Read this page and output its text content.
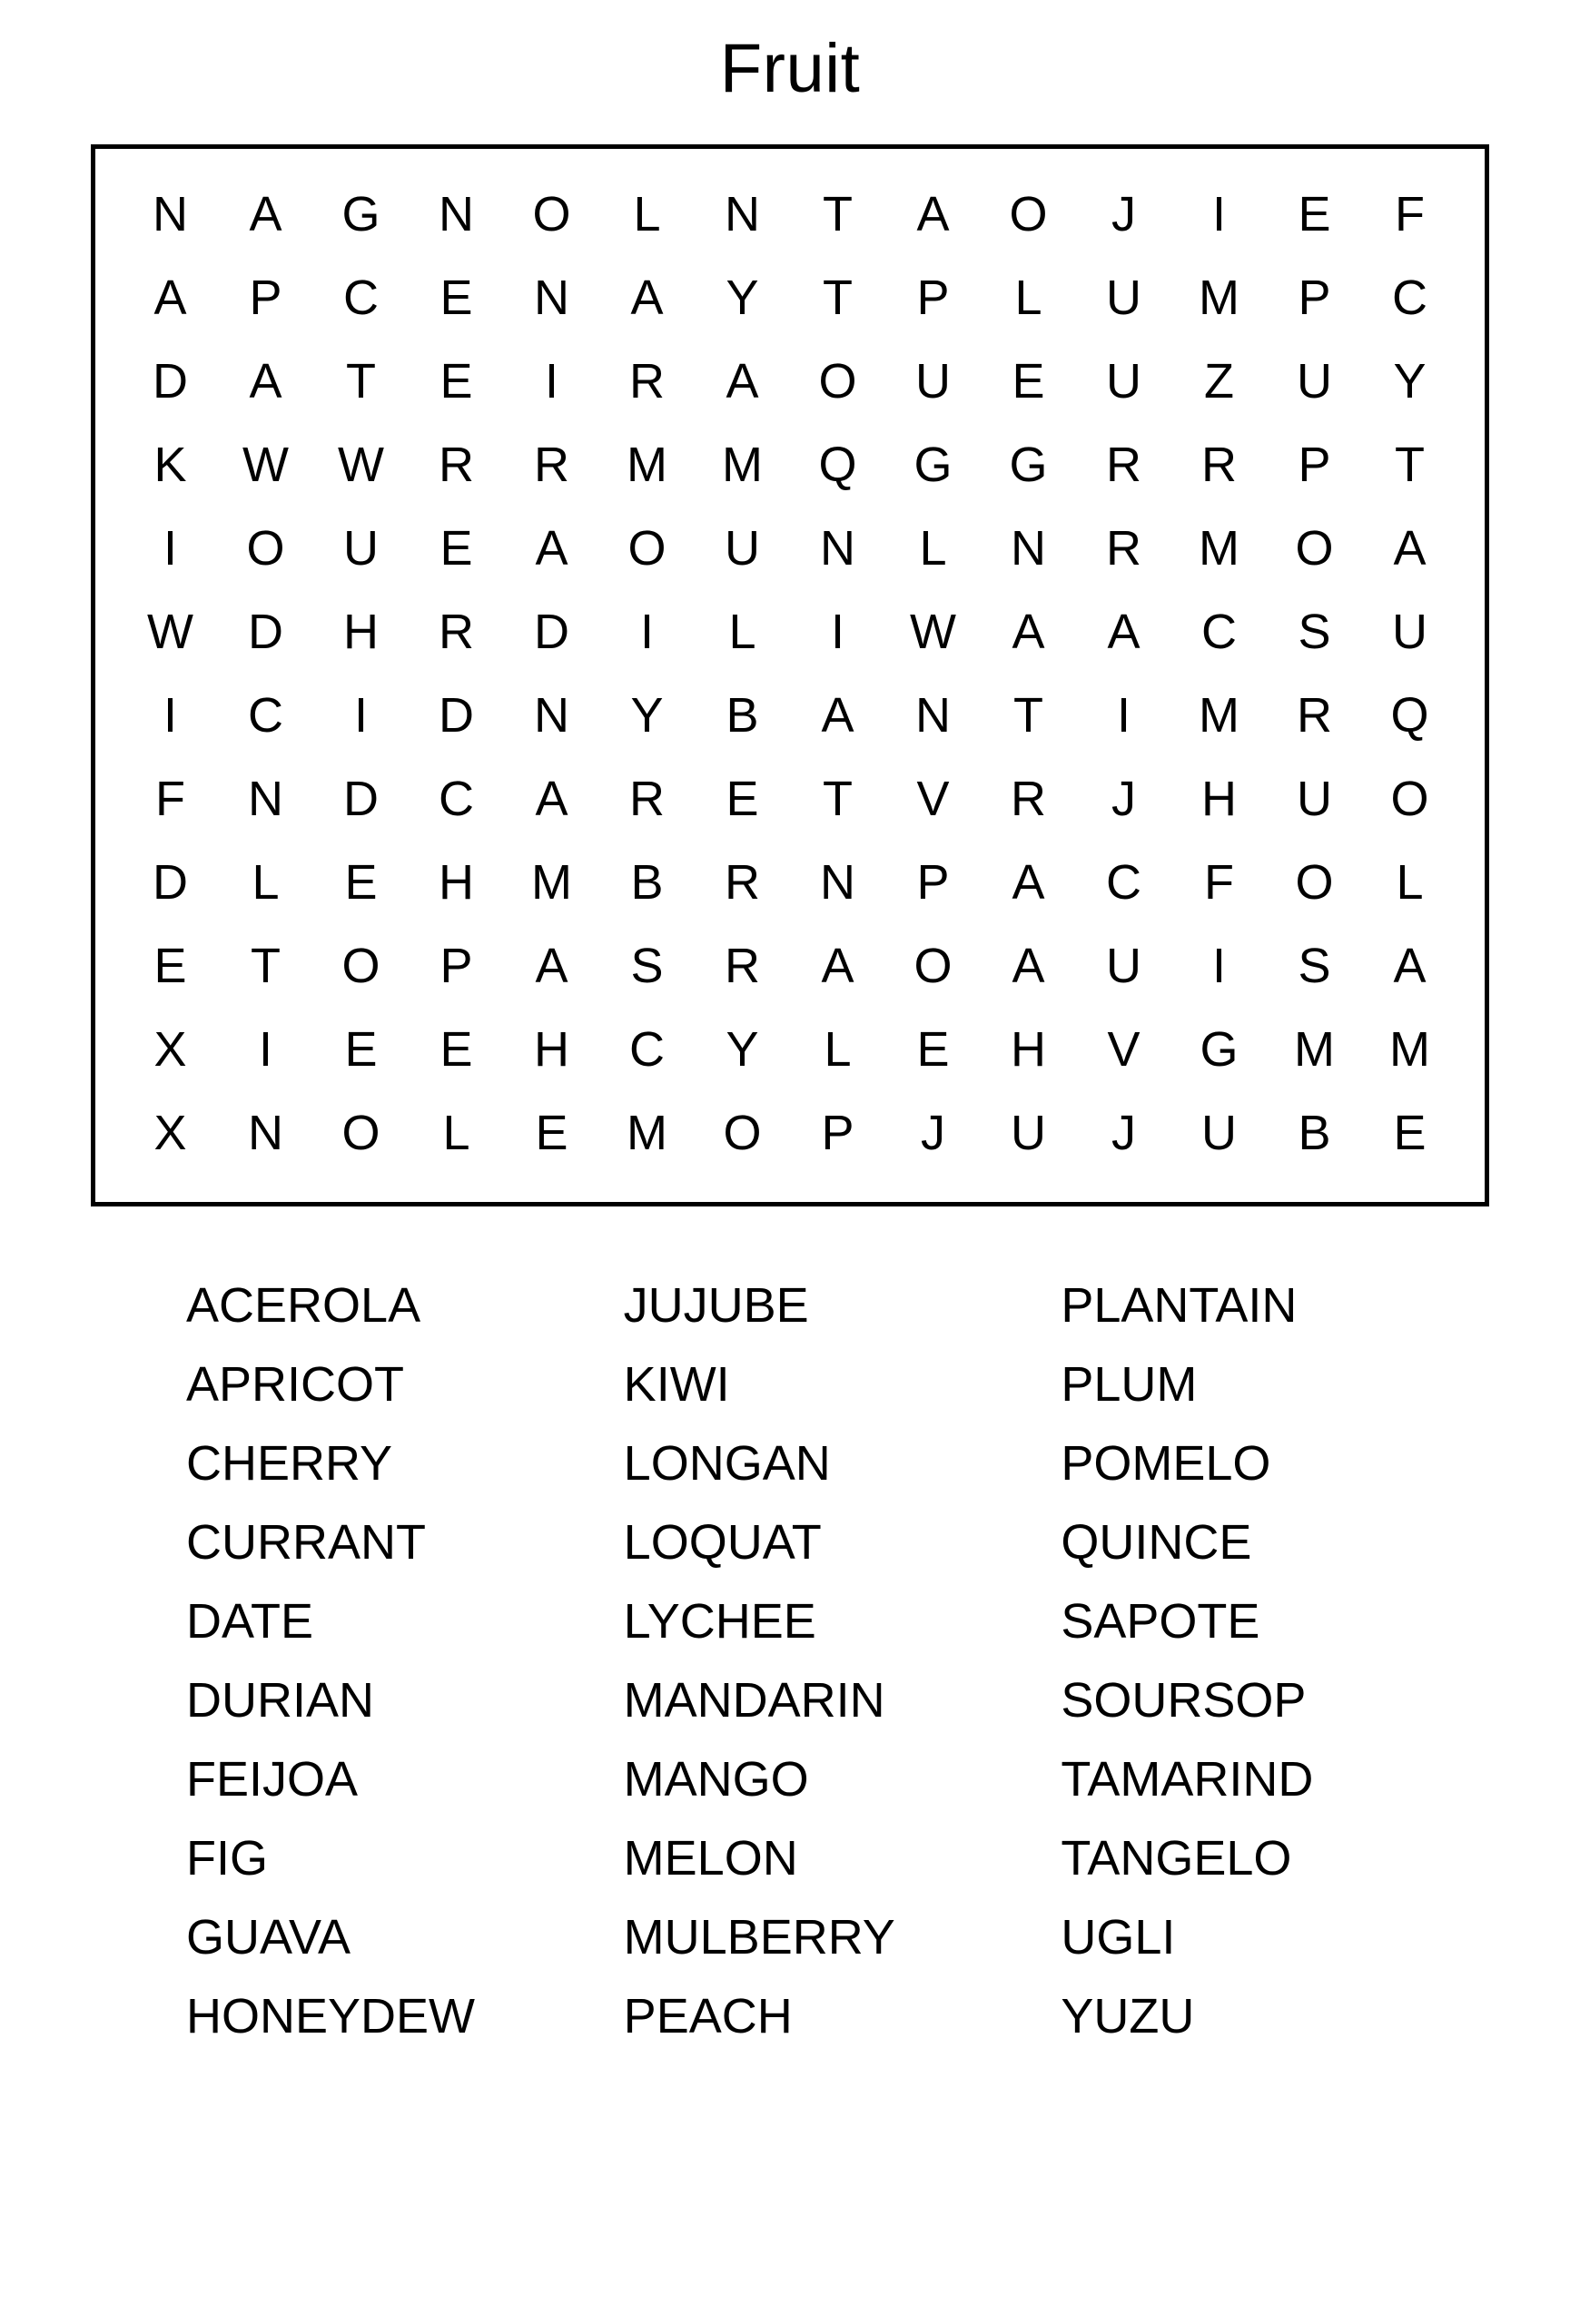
Fruit
N	A	G	N	O	L	N	T	A	O	J	I	E	F
A	P	C	E	N	A	Y	T	P	L	U	M	P	C
D	A	T	E	I	R	A	O	U	E	U	Z	U	Y
K	W	W	R	R	M	M	Q	G	G	R	R	P	T
I	O	U	E	A	O	U	N	L	N	R	M	O	A
W	D	H	R	D	I	L	I	W	A	A	C	S	U
I	C	I	D	N	Y	B	A	N	T	I	M	R	Q
F	N	D	C	A	R	E	T	V	R	J	H	U	O
D	L	E	H	M	B	R	N	P	A	C	F	O	L
E	T	O	P	A	S	R	A	O	A	U	I	S	A
X	I	E	E	H	C	Y	L	E	H	V	G	M	M
X	N	O	L	E	M	O	P	J	U	J	U	B	E
ACEROLA
APRICOT
CHERRY
CURRANT
DATE
DURIAN
FEIJOA
FIG
GUAVA
HONEYDEW
JUJUBE
KIWI
LONGAN
LOQUAT
LYCHEE
MANDARIN
MANGO
MELON
MULBERRY
PEACH
PLANTAIN
PLUM
POMELO
QUINCE
SAPOTE
SOURSOP
TAMARIND
TANGELO
UGLI
YUZU
